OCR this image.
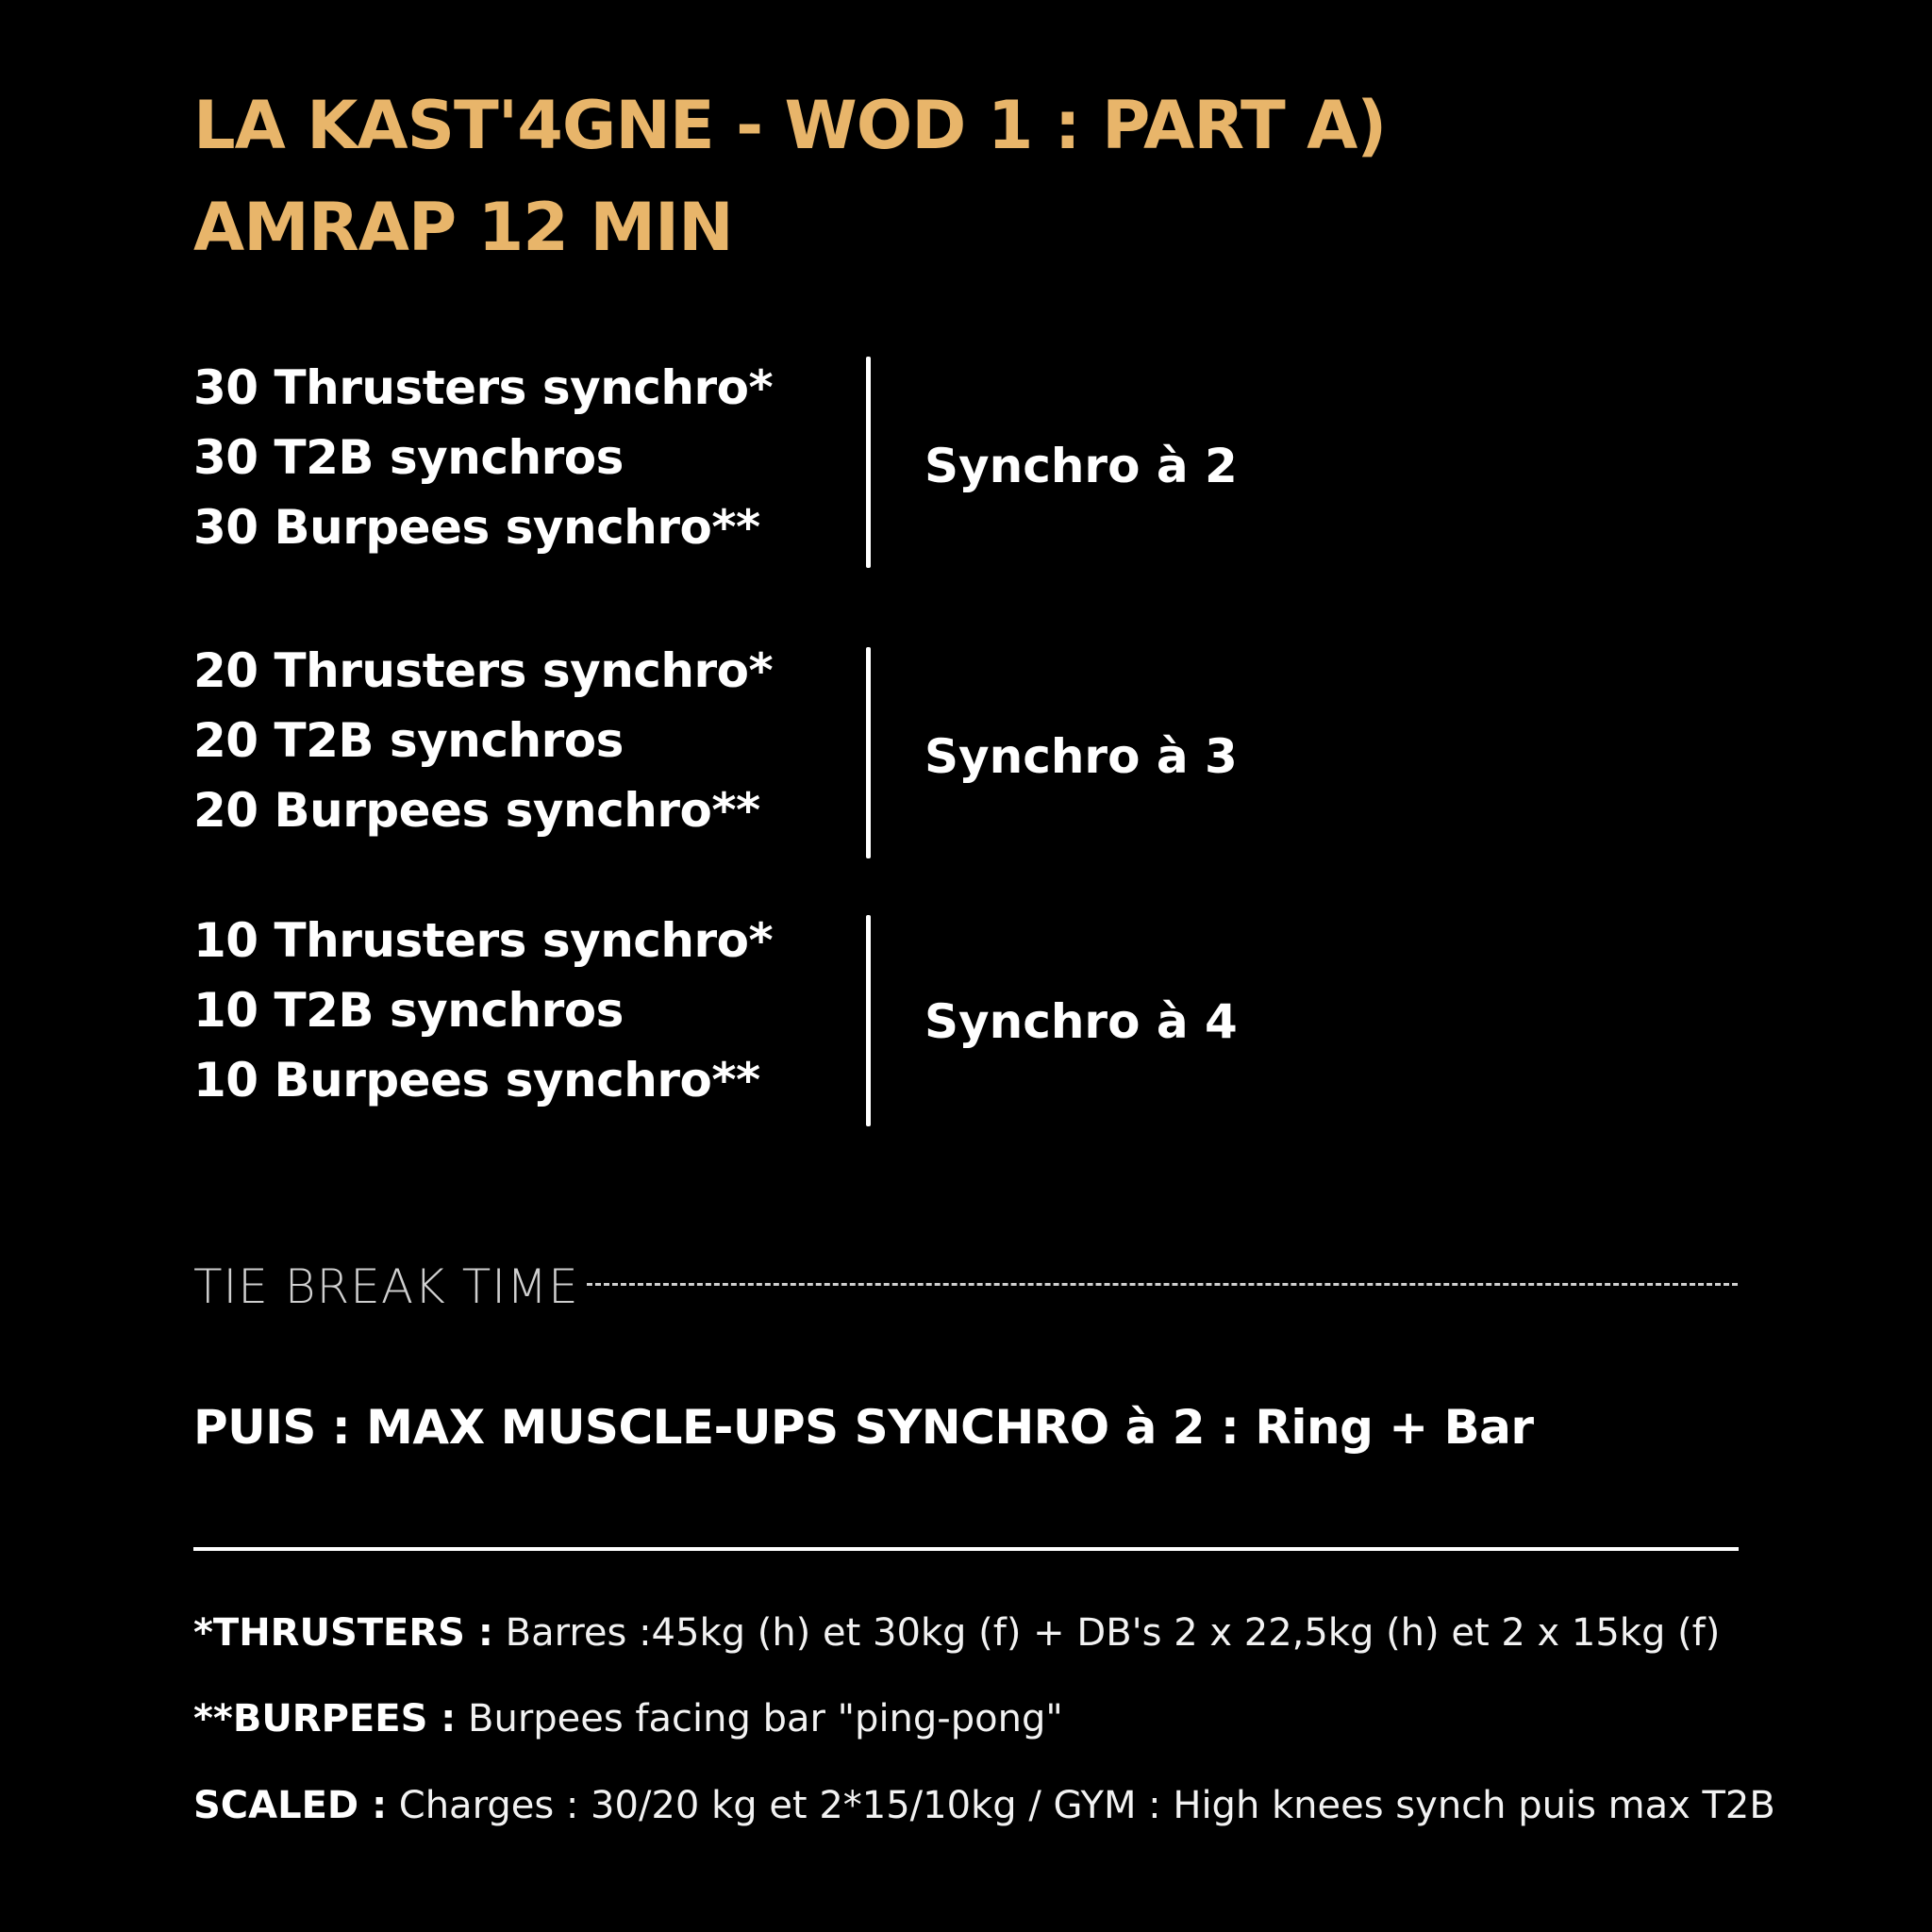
LA KAST'4GNE - WOD 1 : PART A)
AMRAP 12 MIN
30 Thrusters synchro*
30 T2B synchros
30 Burpees synchro**
Synchro à 2
20 Thrusters synchro*
20 T2B synchros
20 Burpees synchro**
Synchro à 3
10 Thrusters synchro*
10 T2B synchros
10 Burpees synchro**
Synchro à 4
TIE BREAK TIME
PUIS : MAX MUSCLE-UPS SYNCHRO à 2 : Ring + Bar
*THRUSTERS : Barres :45kg (h) et 30kg (f) + DB's 2 x 22,5kg (h) et 2 x 15kg (f)
**BURPEES : Burpees facing bar "ping-pong"
SCALED : Charges : 30/20 kg et 2*15/10kg / GYM : High knees synch puis max T2B
